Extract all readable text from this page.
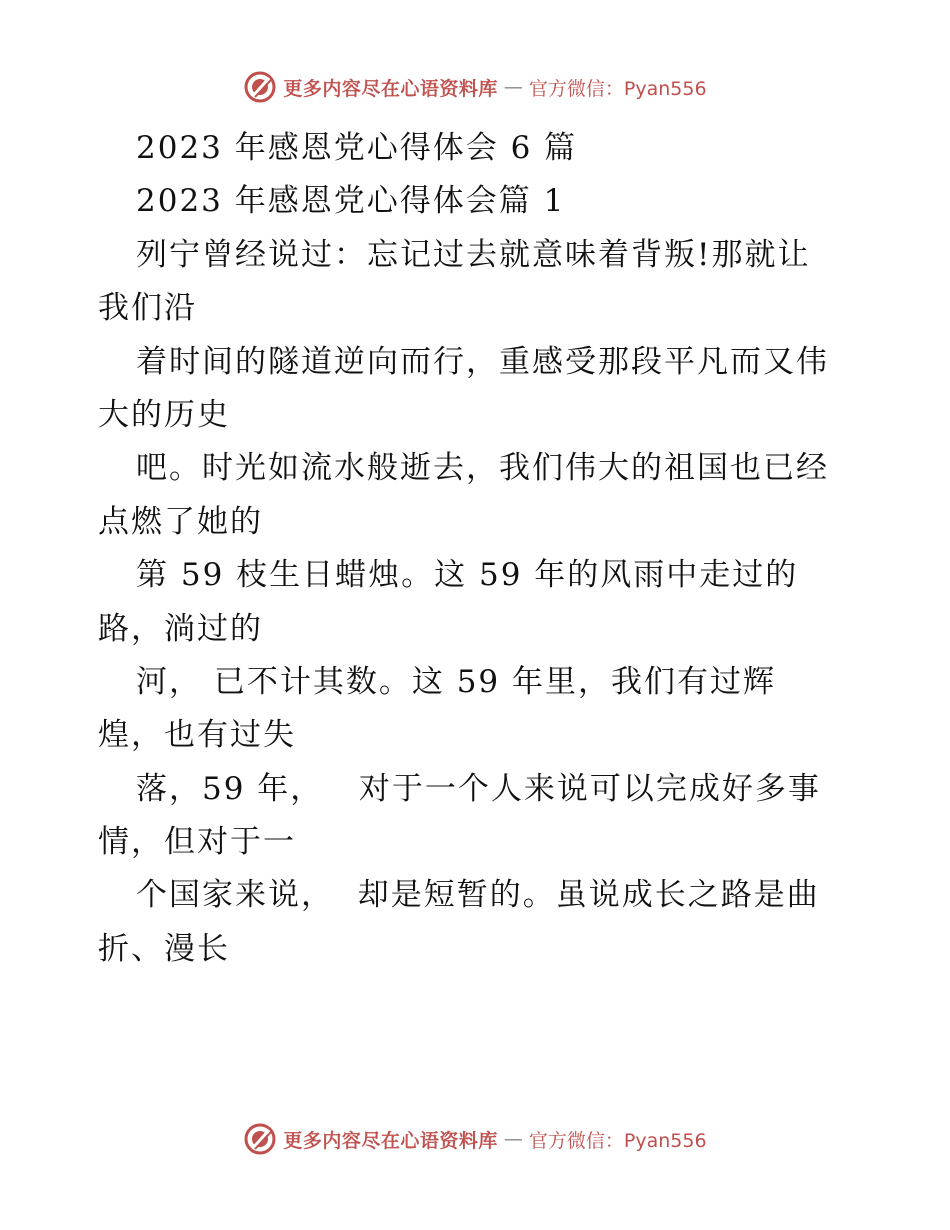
更多内容尽在心语资料库 — 官方微信：Pyan556
2023 年感恩党心得体会 6 篇
2023 年感恩党心得体会篇 1
列宁曾经说过：忘记过去就意味着背叛!那就让
我们沿
着时间的隧道逆向而行，重感受那段平凡而又伟
大的历史
吧。时光如流水般逝去，我们伟大的祖国也已经
点燃了她的
第 59 枝生日蜡烛。这 59 年的风雨中走过的
路，淌过的
河， 已不计其数。这 59 年里，我们有过辉
煌，也有过失
落，59 年，   对于一个人来说可以完成好多事
情，但对于一
个国家来说，  却是短暂的。虽说成长之路是曲
折、漫长
更多内容尽在心语资料库 — 官方微信：Pyan556
